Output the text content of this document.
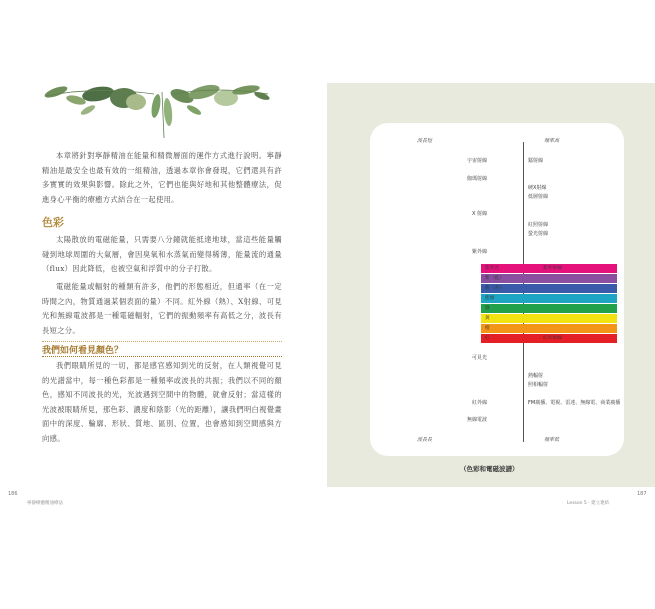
本章將針對寧靜精油在能量和精微層面的運作方式進行說明。寧靜精油是最安全也最有效的一組精油，透過本章你會發現，它們還具有許多實實的效果與影響。除此之外，它們也能與好地和其他整體療法，促進身心平衡的療癒方式結合在一起使用。

色彩

太陽散放的電磁能量，只需要八分鐘就能抵達地球，當這些能量觸碰到地球周圍的大氣層，會因臭氧和水蒸氣而變得稀薄，能量流的通量（flux）因此降低，也被空氣和浮質中的分子打散。

電磁能量或輻射的種類有許多，他們的形態相近，但通率（在一定時間之內，物質通過某個表面的量）不同。紅外線（熱）、X射線、可見光和無線電波都是一種電磁輻射，它們的振動頻率有高低之分，波長有長短之分。

我們如何看見顏色？

我們眼睛所見的一切，都是感官感知到光的反射，在人類視覺可見的光譜當中，每一種色彩都是一種頻率或波長的共振；我們以不同的顏色，感知不同波長的光，光波遇到空間中的物體，就會反射；當這樣的光波被眼睛所見，那色彩、濃度和陰影（光的距離），讓我們明白視覺畫面中的深度、輪廓、形狀、質地、區別、位置，也會感知到空間感與方向感。

186
寧靜療癒精油療法
波長短	頻率高
宇宙射線
伽瑪射線
X 射線
紫外線
可見光
紅外線
無線電波
鐳射線
硬X射線
低層射線
紅照射線
螢光射線
熱輻射
照相輻射
FM廣播、電視、雷達、無線電、商業廣播
紫外光	紫外射線
紫（藍）
藍（青）
藍綠
綠
黃
橙
紅	紅外射線
波長長	頻率低
（色彩和電磁波譜）
Lesson 5 ‧ 建立連結
187
